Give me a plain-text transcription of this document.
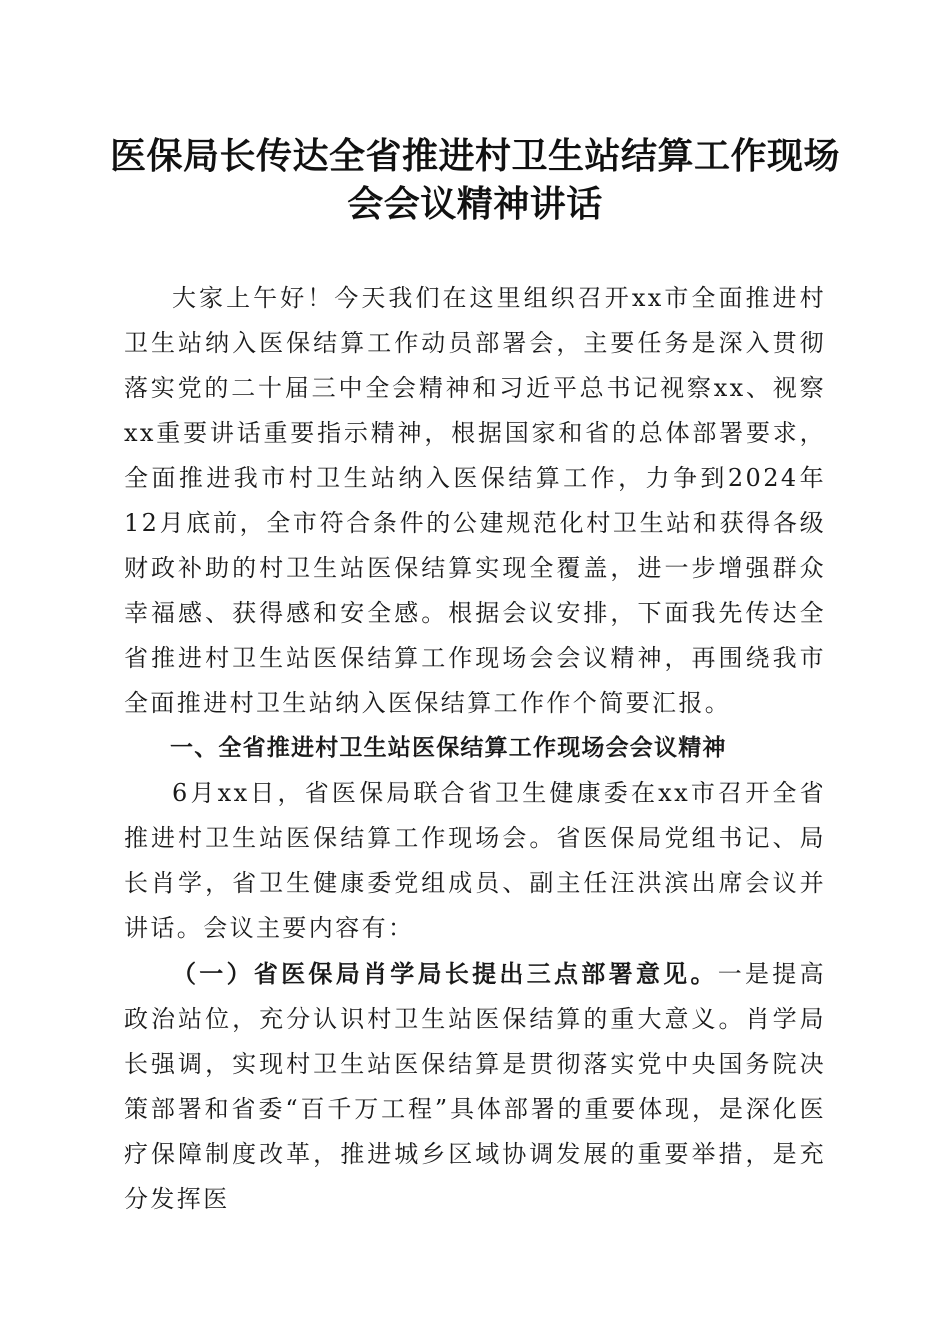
医保局长传达全省推进村卫生站结算工作现场
会会议精神讲话

大家上午好！今天我们在这里组织召开xx市全面推进村卫生站纳入医保结算工作动员部署会，主要任务是深入贯彻落实党的二十届三中全会精神和习近平总书记视察xx、视察xx重要讲话重要指示精神，根据国家和省的总体部署要求，全面推进我市村卫生站纳入医保结算工作，力争到2024年12月底前，全市符合条件的公建规范化村卫生站和获得各级财政补助的村卫生站医保结算实现全覆盖，进一步增强群众幸福感、获得感和安全感。根据会议安排，下面我先传达全省推进村卫生站医保结算工作现场会会议精神，再围绕我市全面推进村卫生站纳入医保结算工作作个简要汇报。

一、全省推进村卫生站医保结算工作现场会会议精神

6月xx日，省医保局联合省卫生健康委在xx市召开全省推进村卫生站医保结算工作现场会。省医保局党组书记、局长肖学，省卫生健康委党组成员、副主任汪洪滨出席会议并讲话。会议主要内容有：

（一）省医保局肖学局长提出三点部署意见。一是提高政治站位，充分认识村卫生站医保结算的重大意义。肖学局长强调，实现村卫生站医保结算是贯彻落实党中央国务院决策部署和省委“百千万工程”具体部署的重要体现，是深化医疗保障制度改革，推进城乡区域协调发展的重要举措，是充分发挥医
